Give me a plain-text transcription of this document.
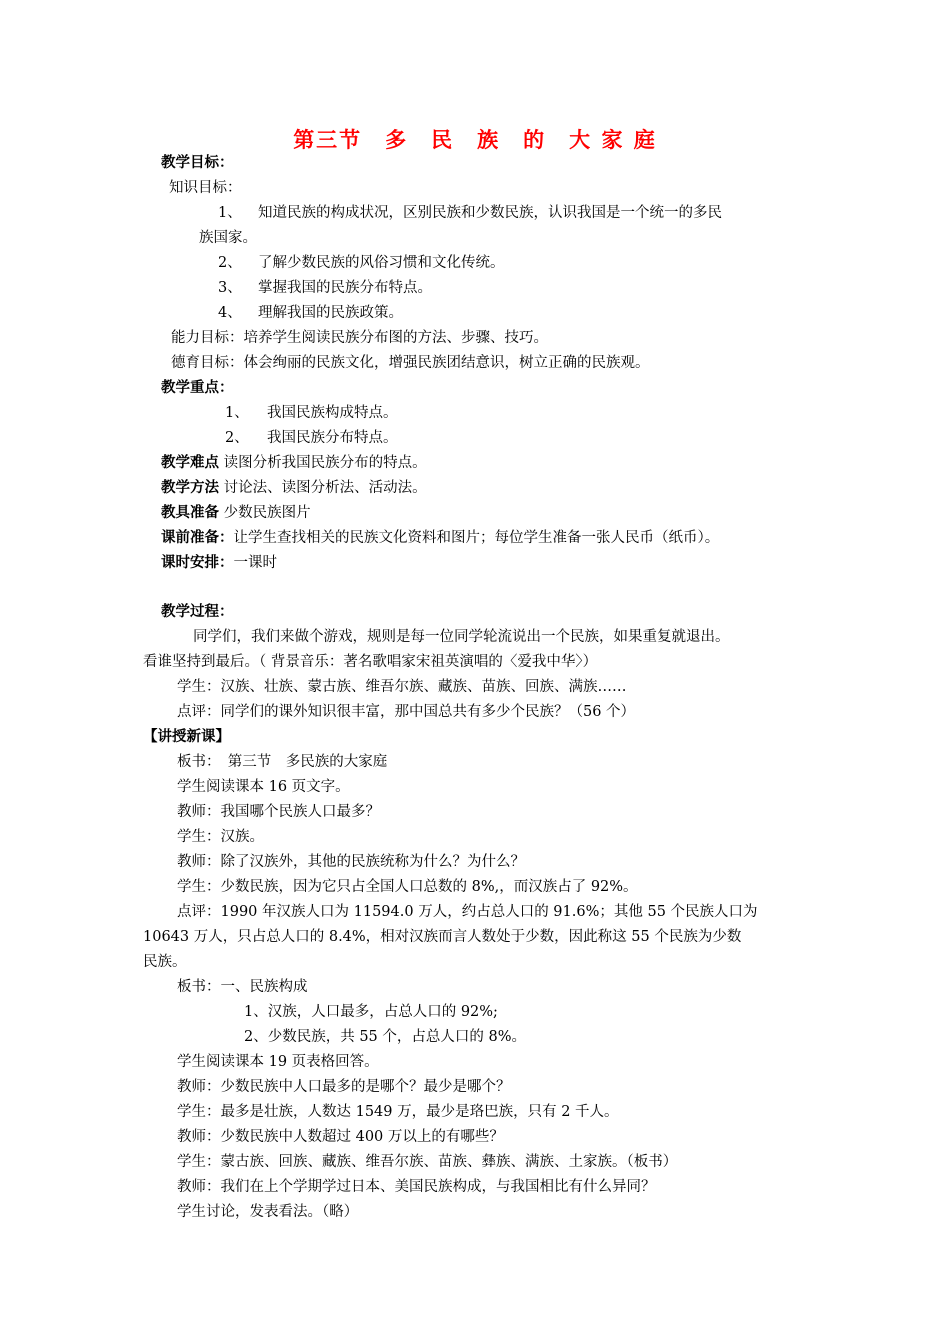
第三节　多　民　族　的　大 家 庭
教学目标：
知识目标：
1、 知道民族的构成状况，区别民族和少数民族，认识我国是一个统一的多民
族国家。
2、 了解少数民族的风俗习惯和文化传统。
3、 掌握我国的民族分布特点。
4、 理解我国的民族政策。
能力目标：培养学生阅读民族分布图的方法、步骤、技巧。
德育目标：体会绚丽的民族文化，增强民族团结意识，树立正确的民族观。
教学重点：
1、 我国民族构成特点。
2、 我国民族分布特点。
教学难点 读图分析我国民族分布的特点。
教学方法 讨论法、读图分析法、活动法。
教具准备 少数民族图片
课前准备：让学生查找相关的民族文化资料和图片；每位学生准备一张人民币（纸币）。
课时安排：一课时
教学过程：
同学们，我们来做个游戏，规则是每一位同学轮流说出一个民族，如果重复就退出。
看谁坚持到最后。（ 背景音乐：著名歌唱家宋祖英演唱的〈爱我中华〉）
学生：汉族、壮族、蒙古族、维吾尔族、藏族、苗族、回族、满族……
点评：同学们的课外知识很丰富，那中国总共有多少个民族？（56 个）
【讲授新课】
板书：　第三节　多民族的大家庭
学生阅读课本 16 页文字。
教师：我国哪个民族人口最多？
学生：汉族。
教师：除了汉族外，其他的民族统称为什么？为什么？
学生：少数民族，因为它只占全国人口总数的 8%,，而汉族占了 92%。
点评：1990 年汉族人口为 11594.0 万人，约占总人口的 91.6%；其他 55 个民族人口为
10643 万人，只占总人口的 8.4%，相对汉族而言人数处于少数，因此称这 55 个民族为少数
民族。
板书：一、民族构成
1、汉族，人口最多，占总人口的 92%;
2、少数民族，共 55 个，占总人口的 8%。
学生阅读课本 19 页表格回答。
教师：少数民族中人口最多的是哪个？最少是哪个？
学生：最多是壮族，人数达 1549 万，最少是珞巴族，只有 2 千人。
教师：少数民族中人数超过 400 万以上的有哪些？
学生：蒙古族、回族、藏族、维吾尔族、苗族、彝族、满族、土家族。（板书）
教师：我们在上个学期学过日本、美国民族构成，与我国相比有什么异同？
学生讨论，发表看法。（略）
